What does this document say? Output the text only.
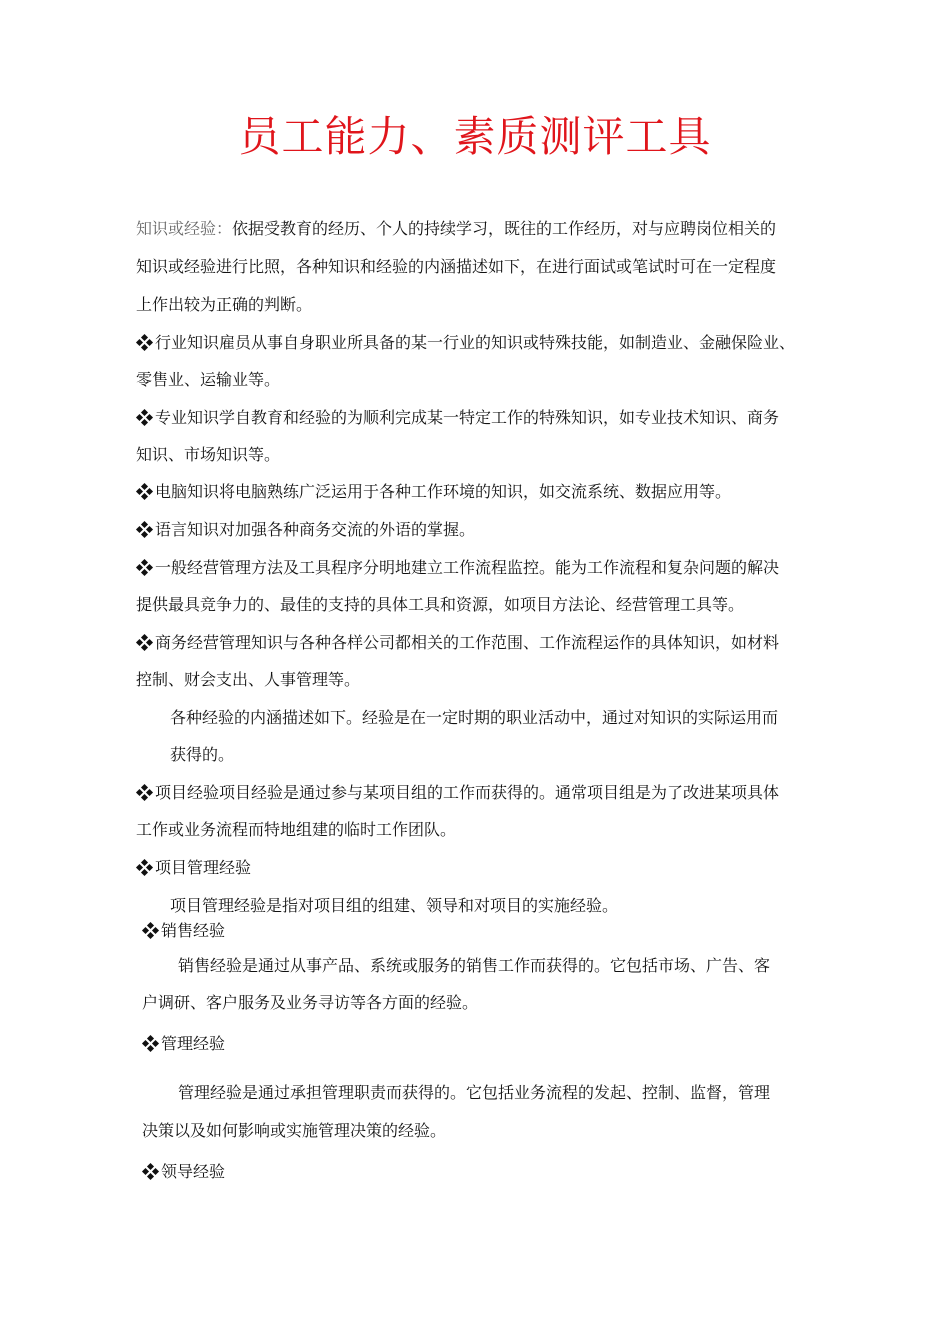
员工能力、素质测评工具
知识或经验：依据受教育的经历、个人的持续学习，既往的工作经历，对与应聘岗位相关的
知识或经验进行比照，各种知识和经验的内涵描述如下，在进行面试或笔试时可在一定程度
上作出较为正确的判断。
行业知识雇员从事自身职业所具备的某一行业的知识或特殊技能，如制造业、金融保险业、
零售业、运输业等。
专业知识学自教育和经验的为顺利完成某一特定工作的特殊知识，如专业技术知识、商务
知识、市场知识等。
电脑知识将电脑熟练广泛运用于各种工作环境的知识，如交流系统、数据应用等。
语言知识对加强各种商务交流的外语的掌握。
一般经营管理方法及工具程序分明地建立工作流程监控。能为工作流程和复杂问题的解决
提供最具竞争力的、最佳的支持的具体工具和资源，如项目方法论、经营管理工具等。
商务经营管理知识与各种各样公司都相关的工作范围、工作流程运作的具体知识，如材料
控制、财会支出、人事管理等。
各种经验的内涵描述如下。经验是在一定时期的职业活动中，通过对知识的实际运用而
获得的。
项目经验项目经验是通过参与某项目组的工作而获得的。通常项目组是为了改进某项具体
工作或业务流程而特地组建的临时工作团队。
项目管理经验
项目管理经验是指对项目组的组建、领导和对项目的实施经验。
销售经验
销售经验是通过从事产品、系统或服务的销售工作而获得的。它包括市场、广告、客
户调研、客户服务及业务寻访等各方面的经验。
管理经验
管理经验是通过承担管理职责而获得的。它包括业务流程的发起、控制、监督，管理
决策以及如何影响或实施管理决策的经验。
领导经验
